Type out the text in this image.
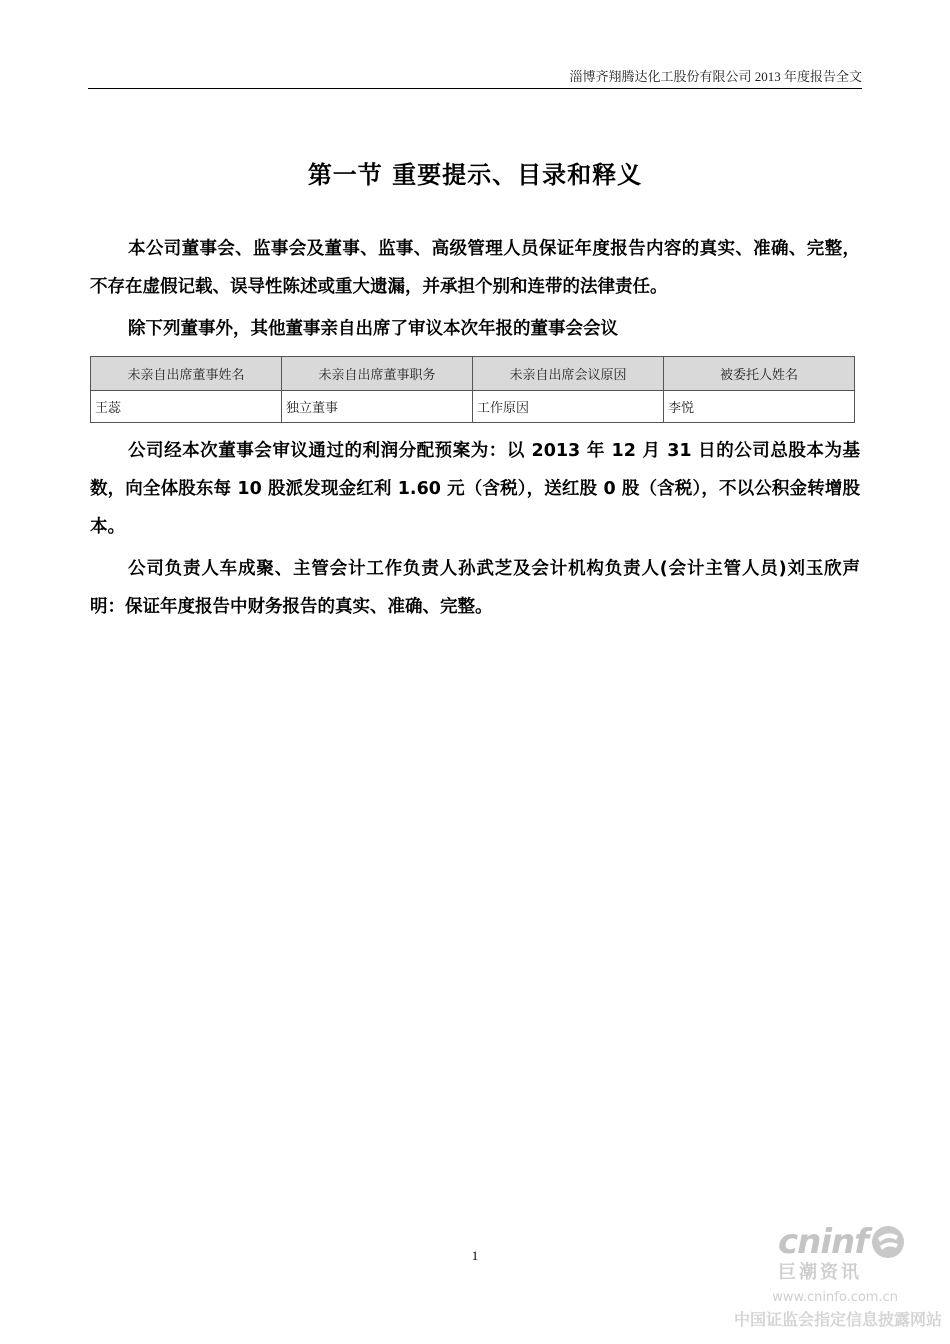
淄博齐翔腾达化工股份有限公司 2013 年度报告全文
第一节 重要提示、目录和释义
本公司董事会、监事会及董事、监事、高级管理人员保证年度报告内容的真实、准确、完整，不存在虚假记载、误导性陈述或重大遗漏，并承担个别和连带的法律责任。
除下列董事外，其他董事亲自出席了审议本次年报的董事会会议
未亲自出席董事姓名	未亲自出席董事职务	未亲自出席会议原因	被委托人姓名
王蕊	独立董事	工作原因	李悦
公司经本次董事会审议通过的利润分配预案为：以 2013 年 12 月 31 日的公司总股本为基数，向全体股东每 10 股派发现金红利 1.60 元（含税），送红股 0 股（含税），不以公积金转增股本。
公司负责人车成聚、主管会计工作负责人孙武芝及会计机构负责人(会计主管人员)刘玉欣声明：保证年度报告中财务报告的真实、准确、完整。
1	cninf
巨潮资讯
www.cninfo.com.cn
中国证监会指定信息披露网站
